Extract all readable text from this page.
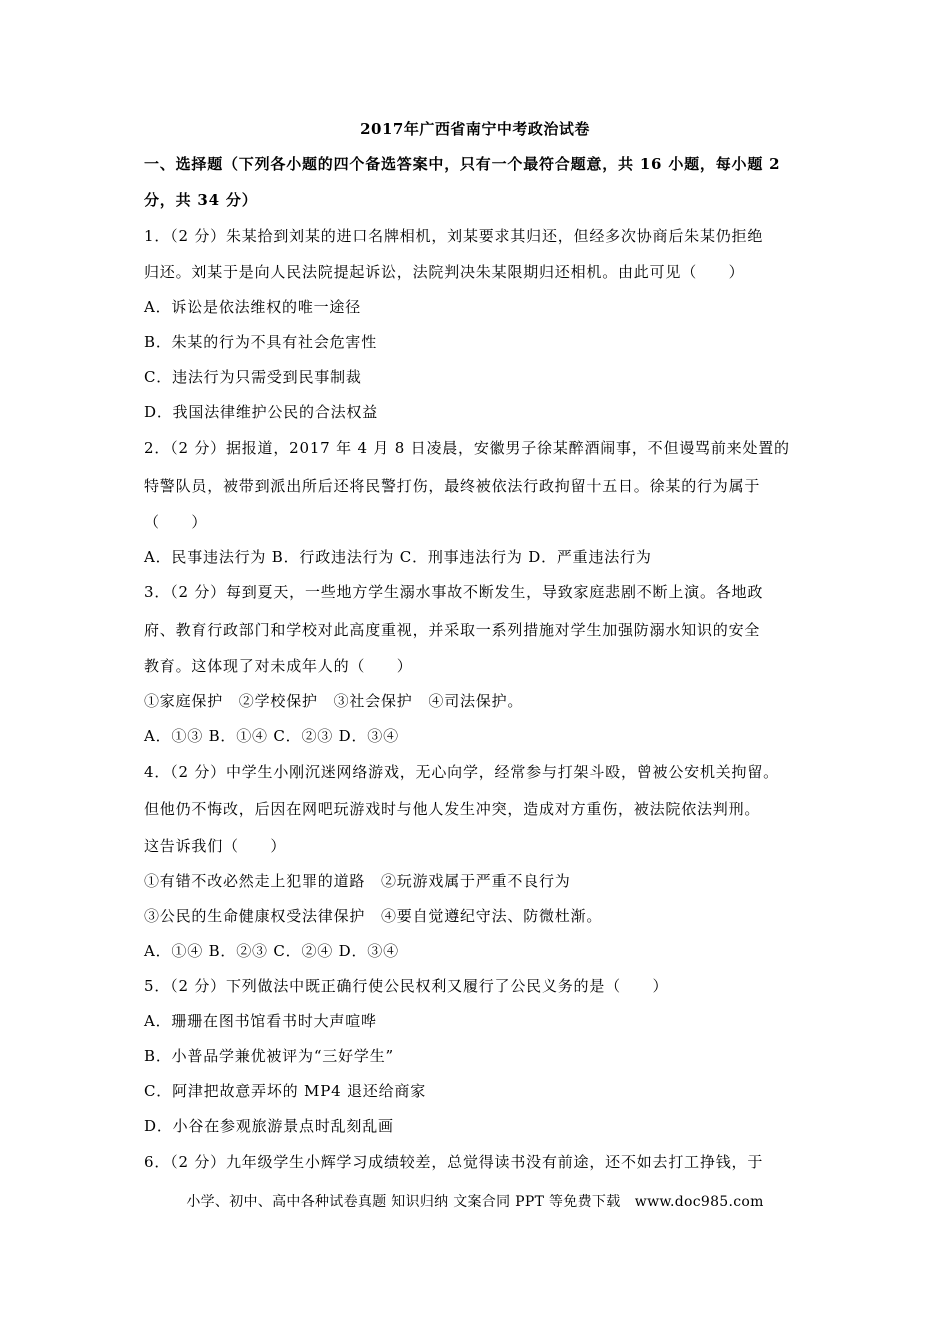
2017年广西省南宁中考政治试卷
一、选择题（下列各小题的四个备选答案中，只有一个最符合题意，共 16 小题，每小题 2
分，共 34 分）
1．（2 分）朱某拾到刘某的进口名牌相机，刘某要求其归还，但经多次协商后朱某仍拒绝
归还。刘某于是向人民法院提起诉讼，法院判决朱某限期归还相机。由此可见（　　）
A．诉讼是依法维权的唯一途径
B．朱某的行为不具有社会危害性
C．违法行为只需受到民事制裁
D．我国法律维护公民的合法权益
2．（2 分）据报道，2017 年 4 月 8 日凌晨，安徽男子徐某醉酒闹事，不但谩骂前来处置的
特警队员，被带到派出所后还将民警打伤，最终被依法行政拘留十五日。徐某的行为属于
（　　）
A．民事违法行为 B．行政违法行为 C．刑事违法行为 D．严重违法行为
3．（2 分）每到夏天，一些地方学生溺水事故不断发生，导致家庭悲剧不断上演。各地政
府、教育行政部门和学校对此高度重视，并采取一系列措施对学生加强防溺水知识的安全
教育。这体现了对未成年人的（　　）
①家庭保护　②学校保护　③社会保护　④司法保护。
A．①③ B．①④ C．②③ D．③④
4．（2 分）中学生小刚沉迷网络游戏，无心向学，经常参与打架斗殴，曾被公安机关拘留。
但他仍不悔改，后因在网吧玩游戏时与他人发生冲突，造成对方重伤，被法院依法判刑。
这告诉我们（　　）
①有错不改必然走上犯罪的道路　②玩游戏属于严重不良行为
③公民的生命健康权受法律保护　④要自觉遵纪守法、防微杜渐。
A．①④ B．②③ C．②④ D．③④
5．（2 分）下列做法中既正确行使公民权利又履行了公民义务的是（　　）
A．珊珊在图书馆看书时大声喧哗
B．小普品学兼优被评为“三好学生”
C．阿津把故意弄坏的 MP4 退还给商家
D．小谷在参观旅游景点时乱刻乱画
6．（2 分）九年级学生小辉学习成绩较差，总觉得读书没有前途，还不如去打工挣钱，于
小学、初中、高中各种试卷真题 知识归纳 文案合同 PPT 等免费下载　www.doc985.com
